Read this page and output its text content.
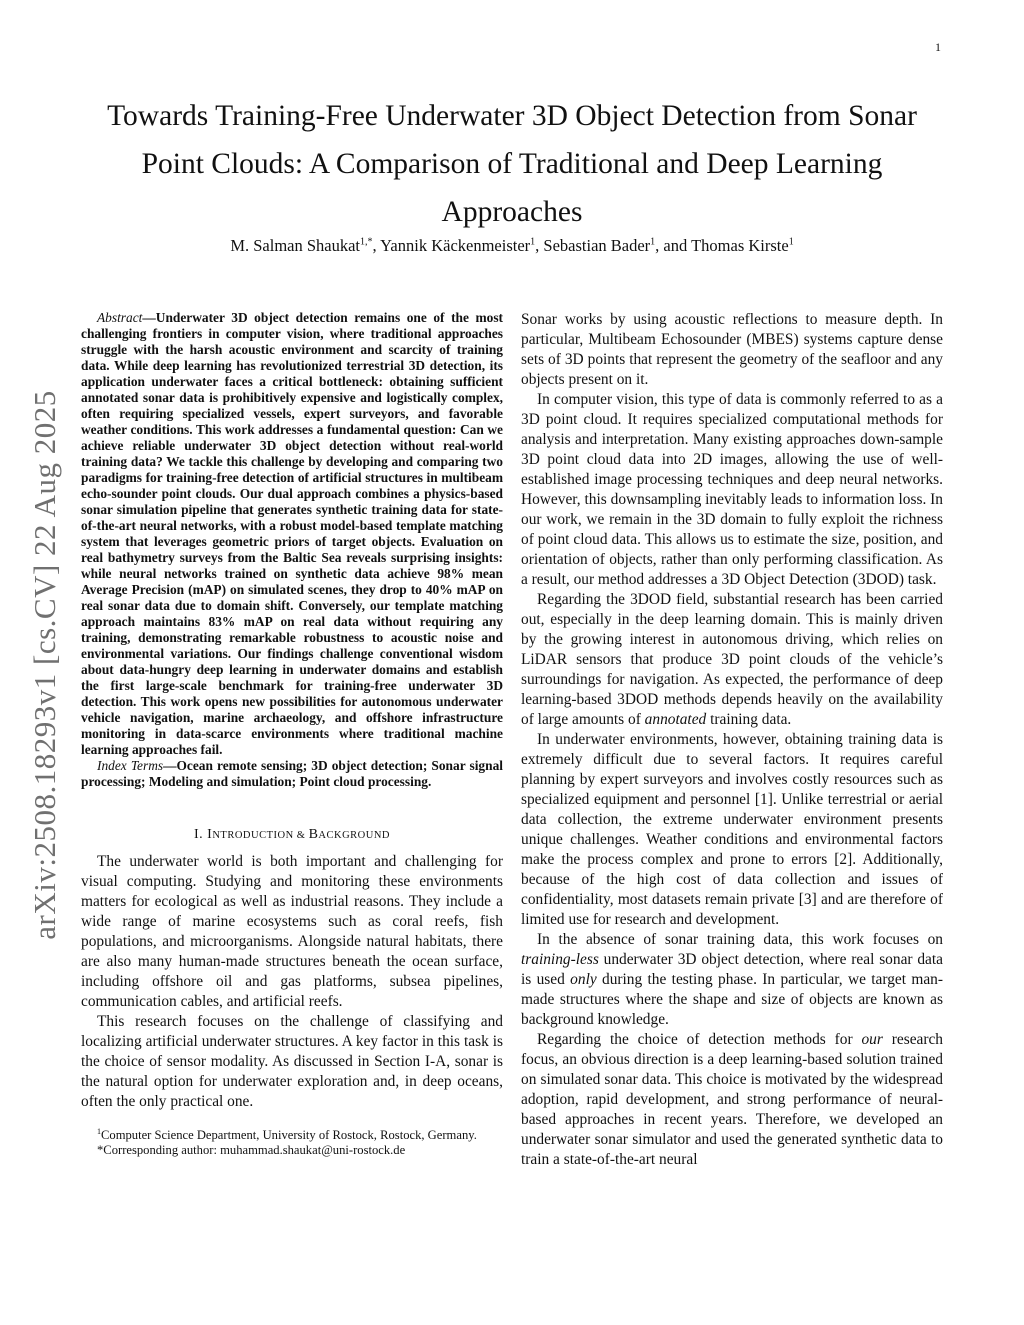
1
arXiv:2508.18293v1 [cs.CV] 22 Aug 2025
Towards Training-Free Underwater 3D Object Detection from Sonar Point Clouds: A Comparison of Traditional and Deep Learning Approaches
M. Salman Shaukat$^{1,*}$, Yannik Käckenmeister$^1$, Sebastian Bader$^1$, and Thomas Kirste$^1$

Abstract—Underwater 3D object detection remains one of the most challenging frontiers in computer vision, where traditional approaches struggle with the harsh acoustic environment and scarcity of training data. While deep learning has revolutionized terrestrial 3D detection, its application underwater faces a critical bottleneck: obtaining sufficient annotated sonar data is prohibitively expensive and logistically complex, often requiring specialized vessels, expert surveyors, and favorable weather conditions. This work addresses a fundamental question: Can we achieve reliable underwater 3D object detection without real-world training data? We tackle this challenge by developing and comparing two paradigms for training-free detection of artificial structures in multibeam echo-sounder point clouds. Our dual approach combines a physics-based sonar simulation pipeline that generates synthetic training data for state-of-the-art neural networks, with a robust model-based template matching system that leverages geometric priors of target objects. Evaluation on real bathymetry surveys from the Baltic Sea reveals surprising insights: while neural networks trained on synthetic data achieve 98% mean Average Precision (mAP) on simulated scenes, they drop to 40% mAP on real sonar data due to domain shift. Conversely, our template matching approach maintains 83% mAP on real data without requiring any training, demonstrating remarkable robustness to acoustic noise and environmental variations. Our findings challenge conventional wisdom about data-hungry deep learning in underwater domains and establish the first large-scale benchmark for training-free underwater 3D detection. This work opens new possibilities for autonomous underwater vehicle navigation, marine archaeology, and offshore infrastructure monitoring in data-scarce environments where traditional machine learning approaches fail.

Index Terms—Ocean remote sensing; 3D object detection; Sonar signal processing; Modeling and simulation; Point cloud processing.

I. INTRODUCTION & BACKGROUND

The underwater world is both important and challenging for visual computing. Studying and monitoring these environments matters for ecological as well as industrial reasons. They include a wide range of marine ecosystems such as coral reefs, fish populations, and microorganisms. Alongside natural habitats, there are also many human-made structures beneath the ocean surface, including offshore oil and gas platforms, subsea pipelines, communication cables, and artificial reefs.

This research focuses on the challenge of classifying and localizing artificial underwater structures. A key factor in this task is the choice of sensor modality. As discussed in Section I-A, sonar is the natural option for underwater exploration and, in deep oceans, often the only practical one.

$^1$Computer Science Department, University of Rostock, Rostock, Germany.
*Corresponding author: muhammad.shaukat@uni-rostock.de

Sonar works by using acoustic reflections to measure depth. In particular, Multibeam Echosounder (MBES) systems capture dense sets of 3D points that represent the geometry of the seafloor and any objects present on it.

In computer vision, this type of data is commonly referred to as a 3D point cloud. It requires specialized computational methods for analysis and interpretation. Many existing approaches down-sample 3D point cloud data into 2D images, allowing the use of well-established image processing techniques and deep neural networks. However, this downsampling inevitably leads to information loss. In our work, we remain in the 3D domain to fully exploit the richness of point cloud data. This allows us to estimate the size, position, and orientation of objects, rather than only performing classification. As a result, our method addresses a 3D Object Detection (3DOD) task.

Regarding the 3DOD field, substantial research has been carried out, especially in the deep learning domain. This is mainly driven by the growing interest in autonomous driving, which relies on LiDAR sensors that produce 3D point clouds of the vehicle’s surroundings for navigation. As expected, the performance of deep learning-based 3DOD methods depends heavily on the availability of large amounts of annotated training data.

In underwater environments, however, obtaining training data is extremely difficult due to several factors. It requires careful planning by expert surveyors and involves costly resources such as specialized equipment and personnel [1]. Unlike terrestrial or aerial data collection, the extreme underwater environment presents unique challenges. Weather conditions and environmental factors make the process complex and prone to errors [2]. Additionally, because of the high cost of data collection and issues of confidentiality, most datasets remain private [3] and are therefore of limited use for research and development.

In the absence of sonar training data, this work focuses on training-less underwater 3D object detection, where real sonar data is used only during the testing phase. In particular, we target man-made structures where the shape and size of objects are known as background knowledge.

Regarding the choice of detection methods for our research focus, an obvious direction is a deep learning-based solution trained on simulated sonar data. This choice is motivated by the widespread adoption, rapid development, and strong performance of neural-based approaches in recent years. Therefore, we developed an underwater sonar simulator and used the generated synthetic data to train a state-of-the-art neural
